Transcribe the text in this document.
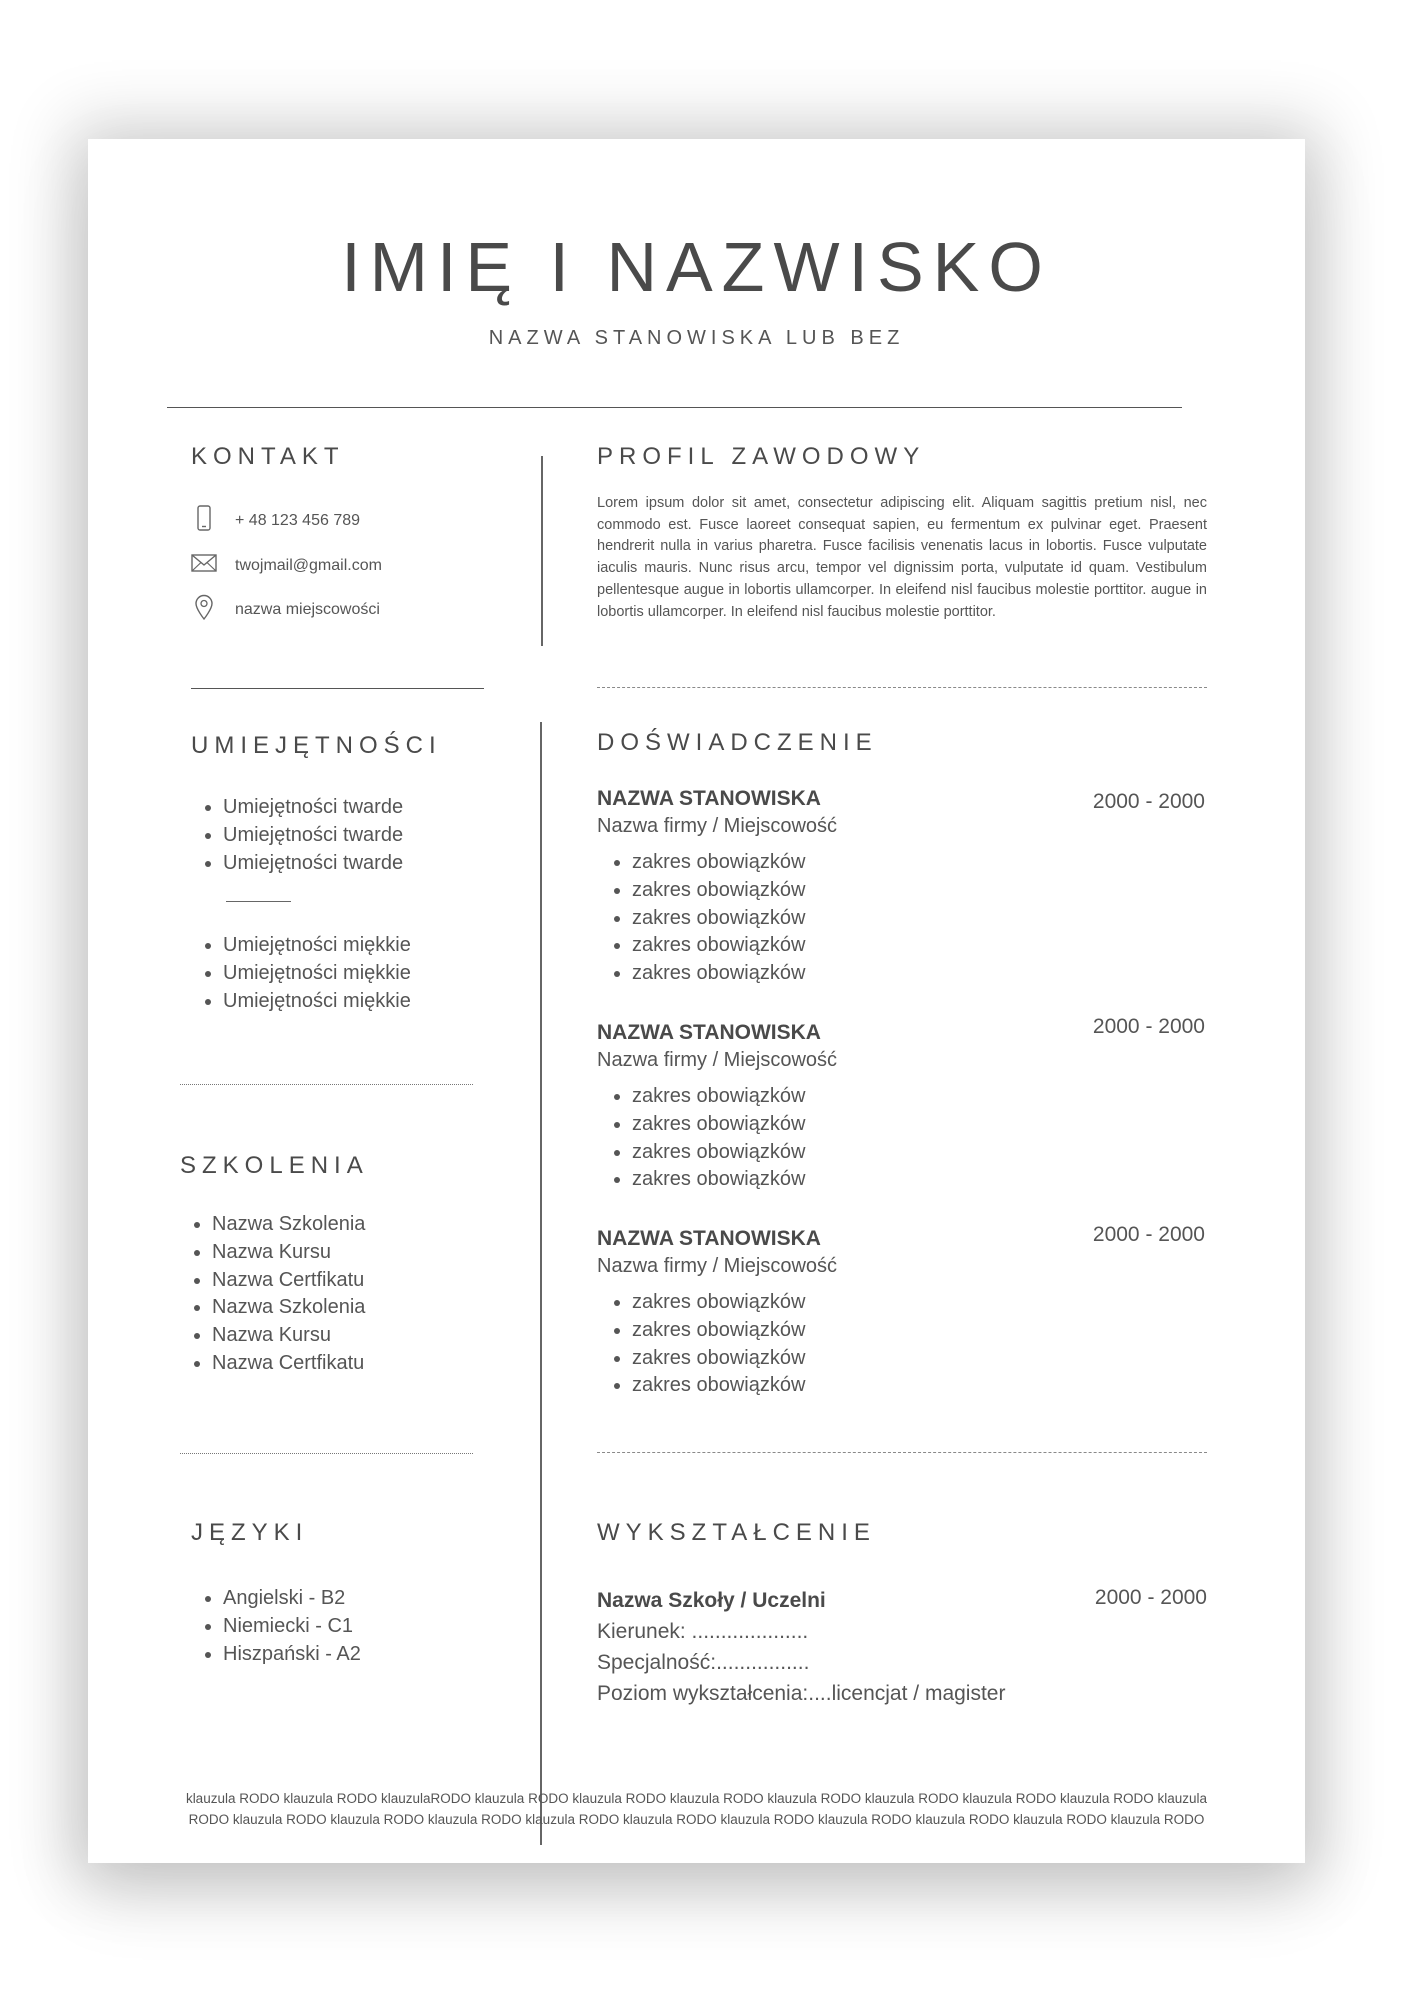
IMIĘ I NAZWISKO
NAZWA STANOWISKA LUB BEZ
KONTAKT
+ 48 123 456 789
twojmail@gmail.com
nazwa miejscowości
PROFIL ZAWODOWY
Lorem ipsum dolor sit amet, consectetur adipiscing elit. Aliquam sagittis pretium nisl, nec commodo est. Fusce laoreet consequat sapien, eu fermentum ex pulvinar eget. Praesent hendrerit nulla in varius pharetra. Fusce facilisis venenatis lacus in lobortis. Fusce vulputate iaculis mauris. Nunc risus arcu, tempor vel dignissim porta, vulputate id quam. Vestibulum pellentesque augue in lobortis ullamcorper. In eleifend nisl faucibus molestie porttitor. augue in lobortis ullamcorper. In eleifend nisl faucibus molestie porttitor.
UMIEJĘTNOŚCI
• Umiejętności twarde
• Umiejętności twarde
• Umiejętności twarde
• Umiejętności miękkie
• Umiejętności miękkie
• Umiejętności miękkie
SZKOLENIA
• Nazwa Szkolenia
• Nazwa Kursu
• Nazwa Certfikatu
• Nazwa Szkolenia
• Nazwa Kursu
• Nazwa Certfikatu
JĘZYKI
• Angielski - B2
• Niemiecki - C1
• Hiszpański - A2
DOŚWIADCZENIE
NAZWA STANOWISKA	2000 - 2000
Nazwa firmy / Miejscowość
• zakres obowiązków
• zakres obowiązków
• zakres obowiązków
• zakres obowiązków
• zakres obowiązków
NAZWA STANOWISKA	2000 - 2000
Nazwa firmy / Miejscowość
• zakres obowiązków
• zakres obowiązków
• zakres obowiązków
• zakres obowiązków
NAZWA STANOWISKA	2000 - 2000
Nazwa firmy / Miejscowość
• zakres obowiązków
• zakres obowiązków
• zakres obowiązków
• zakres obowiązków
WYKSZTAŁCENIE
Nazwa Szkoły / Uczelni	2000 - 2000
Kierunek: ....................
Specjalność:................
Poziom wykształcenia:....licencjat / magister
klauzula RODO klauzula RODO klauzulaRODO klauzula RODO klauzula RODO klauzula RODO klauzula RODO klauzula RODO klauzula RODO klauzula RODO klauzula
RODO klauzula RODO klauzula RODO klauzula RODO klauzula RODO klauzula RODO klauzula RODO klauzula RODO klauzula RODO klauzula RODO klauzula RODO
